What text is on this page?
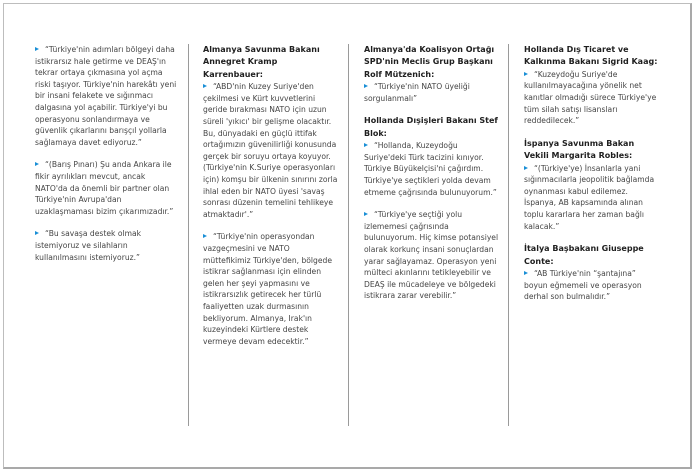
“Türkiye'nin adımları bölgeyi daha istikrarsız hale getirme ve DEAŞ'ın tekrar ortaya çıkmasına yol açma riski taşıyor. Türkiye'nin harekâtı yeni bir insani felakete ve sığınmacı dalgasına yol açabilir. Türkiye'yi bu operasyonu sonlandırmaya ve güvenlik çıkarlarını barışçıl yollarla sağlamaya davet ediyoruz.”
“(Barış Pınarı) Şu anda Ankara ile fikir ayrılıkları mevcut, ancak NATO'da da önemli bir partner olan Türkiye'nin Avrupa'dan uzaklaşmaması bizim çıkarımızadır.”
“Bu savaşa destek olmak istemiyoruz ve silahların kullanılmasını istemiyoruz.”
Almanya Savunma Bakanı Annegret Kramp Karrenbauer:
“ABD'nin Kuzey Suriye'den çekilmesi ve Kürt kuvvetlerini geride bırakması NATO için uzun süreli 'yıkıcı' bir gelişme olacaktır. Bu, dünyadaki en güçlü ittifak ortağımızın güvenilirliği konusunda gerçek bir soruyu ortaya koyuyor. (Türkiye'nin K.Suriye operasyonları için) komşu bir ülkenin sınırını zorla ihlal eden bir NATO üyesi 'savaş sonrası düzenin temelini tehlikeye atmaktadır'.”
“Türkiye'nin operasyondan vazgeçmesini ve NATO müttefikimiz Türkiye'den, bölgede istikrar sağlanması için elinden gelen her şeyi yapmasını ve istikrarsızlık getirecek her türlü faaliyetten uzak durmasının bekliyorum. Almanya, Irak'ın kuzeyindeki Kürtlere destek vermeye devam edecektir.”
Almanya'da Koalisyon Ortağı SPD'nin Meclis Grup Başkanı Rolf Mützenich:
“Türkiye'nin NATO üyeliği sorgulanmalı”
Hollanda Dışişleri Bakanı Stef Blok:
“Hollanda, Kuzeydoğu Suriye'deki Türk tacizini kınıyor. Türkiye Büyükelçisi'ni çağırdım. Türkiye'ye seçtikleri yolda devam etmeme çağrısında bulunuyorum.”
“Türkiye'ye seçtiği yolu izlememesi çağrısında bulunuyorum. Hiç kimse potansiyel olarak korkunç insani sonuçlardan yarar sağlayamaz. Operasyon yeni mülteci akınlarını tetikleyebilir ve DEAŞ ile mücadeleye ve bölgedeki istikrara zarar verebilir.”
Hollanda Dış Ticaret ve Kalkınma Bakanı Sigrid Kaag:
“Kuzeydoğu Suriye'de kullanılmayacağına yönelik net kanıtlar olmadığı sürece Türkiye'ye tüm silah satışı lisansları reddedilecek.”
İspanya Savunma Bakan Vekili Margarita Robles:
“(Türkiye'ye) İnsanlarla yani sığınmacılarla jeopolitik bağlamda oynanması kabul edilemez. İspanya, AB kapsamında alınan toplu kararlara her zaman bağlı kalacak.”
İtalya Başbakanı Giuseppe Conte:
“AB Türkiye'nin “şantajına” boyun eğmemeli ve operasyon derhal son bulmalıdır.”
